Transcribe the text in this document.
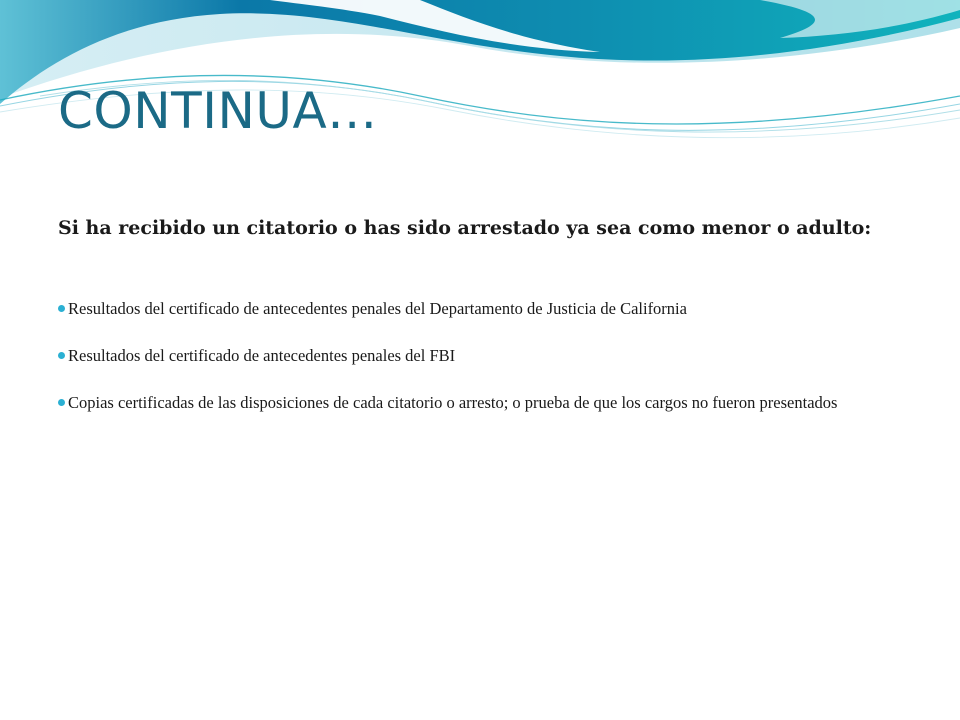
CONTINUA…

Si ha recibido un citatorio o has sido arrestado ya sea como menor o adulto:

Resultados del certificado de antecedentes penales del Departamento de Justicia de California
Resultados del certificado de antecedentes penales del FBI
Copias certificadas de las disposiciones de cada citatorio o arresto; o prueba de que los cargos no fueron presentados
